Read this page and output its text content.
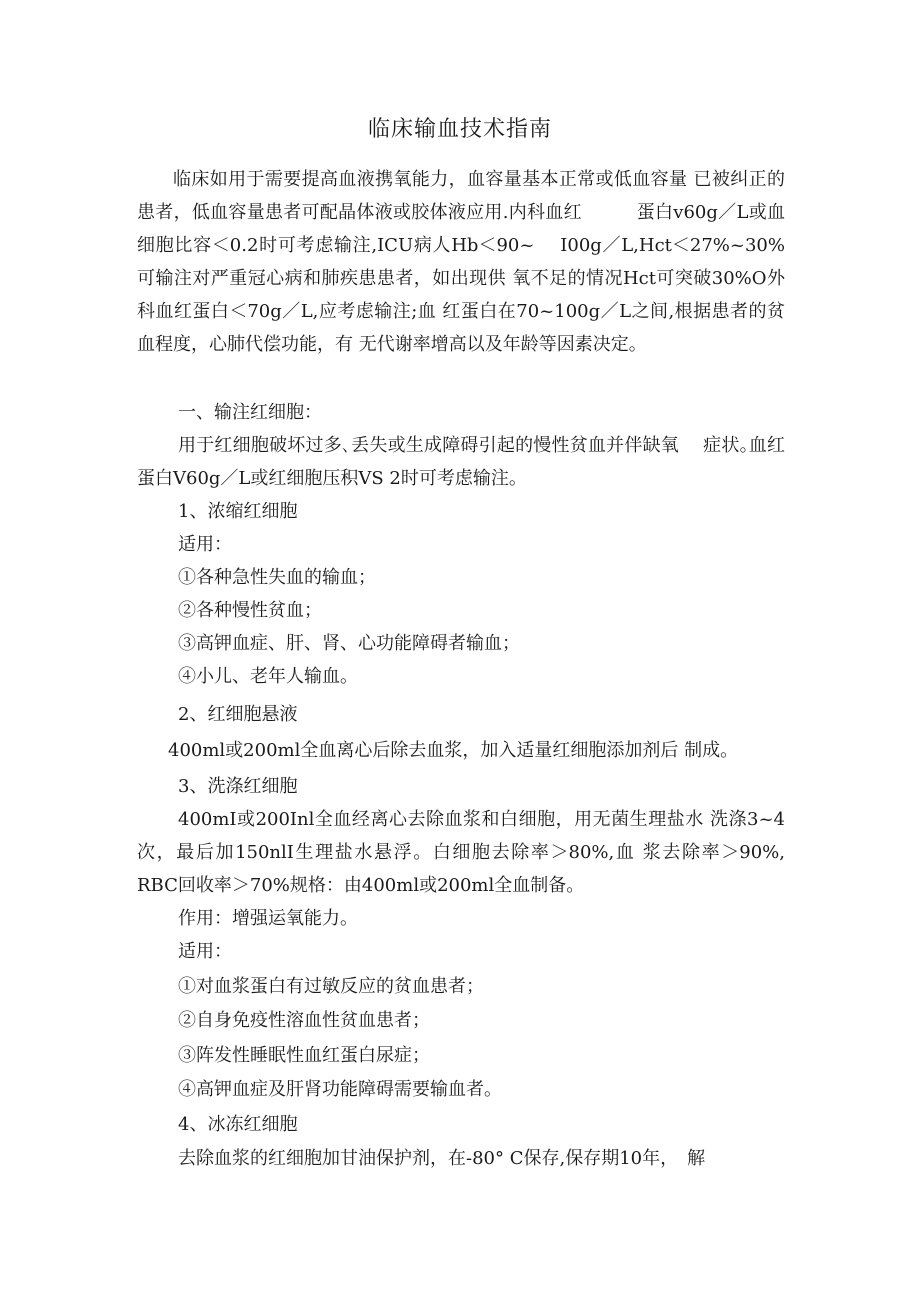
临床输血技术指南
临床如用于需要提高血液携氧能力，血容量基本正常或低血容量 已被纠正的患者，低血容量患者可配晶体液或胶体液应用.内科血红　　　蛋白v60g／L或血细胞比容＜0.2时可考虑输注,ICU病人Hb＜90~　 I00g／L,Hct＜27%~30%可输注对严重冠心病和肺疾患患者，如出现供 氧不足的情况Hct可突破30%O外科血红蛋白＜70g／L,应考虑输注;血 红蛋白在70~100g／L之间,根据患者的贫血程度，心肺代偿功能，有 无代谢率增高以及年龄等因素决定。
一、输注红细胞：
用于红细胞破坏过多､丢失或生成障碍引起的慢性贫血并伴缺氧　 症状｡血红蛋白V60g／L或红细胞压积VS 2时可考虑输注。
1、浓缩红细胞
适用：
①各种急性失血的输血；
②各种慢性贫血；
③高钾血症、肝、肾、心功能障碍者输血；
④小儿、老年人输血。
2、红细胞悬液
400ml或200ml全血离心后除去血浆，加入适量红细胞添加剂后 制成。
3、洗涤红细胞
400mI或200Inl全血经离心去除血浆和白细胞，用无菌生理盐水 洗涤3~4次，最后加150nlI生理盐水悬浮。白细胞去除率＞80%,血 浆去除率＞90%, RBC回收率＞70%规格：由400ml或200ml全血制备。
作用：增强运氧能力。
适用：
①对血浆蛋白有过敏反应的贫血患者；
②自身免疫性溶血性贫血患者；
③阵发性睡眠性血红蛋白尿症；
④高钾血症及肝肾功能障碍需要输血者。
4、冰冻红细胞
去除血浆的红细胞加甘油保护剂，在-80° C保存,保存期10年，　解
